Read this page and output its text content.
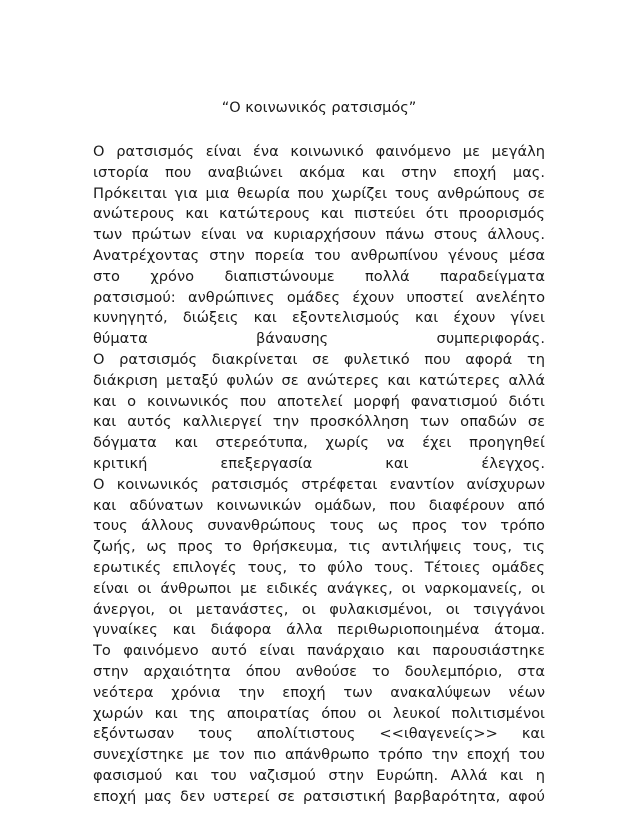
“Ο κοινωνικός ρατσισμός”
Ο ρατσισμός είναι ένα κοινωνικό φαινόμενο με μεγάλη
ιστορία που αναβιώνει ακόμα και στην εποχή μας.
Πρόκειται για μια θεωρία που χωρίζει τους ανθρώπους σε
ανώτερους και κατώτερους και πιστεύει ότι προορισμός
των πρώτων είναι να κυριαρχήσουν πάνω στους άλλους.
Ανατρέχοντας στην πορεία του ανθρωπίνου γένους μέσα
στο χρόνο διαπιστώνουμε πολλά παραδείγματα
ρατσισμού: ανθρώπινες ομάδες έχουν υποστεί ανελέητο
κυνηγητό, διώξεις και εξοντελισμούς και έχουν γίνει
θύματα βάναυσης συμπεριφοράς.
Ο ρατσισμός διακρίνεται σε φυλετικό που αφορά τη
διάκριση μεταξύ φυλών σε ανώτερες και κατώτερες αλλά
και ο κοινωνικός που αποτελεί μορφή φανατισμού διότι
και αυτός καλλιεργεί την προσκόλληση των οπαδών σε
δόγματα και στερεότυπα, χωρίς να έχει προηγηθεί
κριτική επεξεργασία και έλεγχος.
Ο κοινωνικός ρατσισμός στρέφεται εναντίον ανίσχυρων
και αδύνατων κοινωνικών ομάδων, που διαφέρουν από
τους άλλους συνανθρώπους τους ως προς τον τρόπο
ζωής, ως προς το θρήσκευμα, τις αντιλήψεις τους, τις
ερωτικές επιλογές τους, το φύλο τους. Τέτοιες ομάδες
είναι οι άνθρωποι με ειδικές ανάγκες, οι ναρκομανείς, οι
άνεργοι, οι μετανάστες, οι φυλακισμένοι, οι τσιγγάνοι
γυναίκες και διάφορα άλλα περιθωριοποιημένα άτομα.
Το φαινόμενο αυτό είναι πανάρχαιο και παρουσιάστηκε
στην αρχαιότητα όπου ανθούσε το δουλεμπόριο, στα
νεότερα χρόνια την εποχή των ανακαλύψεων νέων
χωρών και της αποιρατίας όπου οι λευκοί πολιτισμένοι
εξόντωσαν τους απολίτιστους <<ιθαγενείς>> και
συνεχίστηκε με τον πιο απάνθρωπο τρόπο την εποχή του
φασισμού και του ναζισμού στην Ευρώπη. Αλλά και η
εποχή μας δεν υστερεί σε ρατσιστική βαρβαρότητα, αφού
